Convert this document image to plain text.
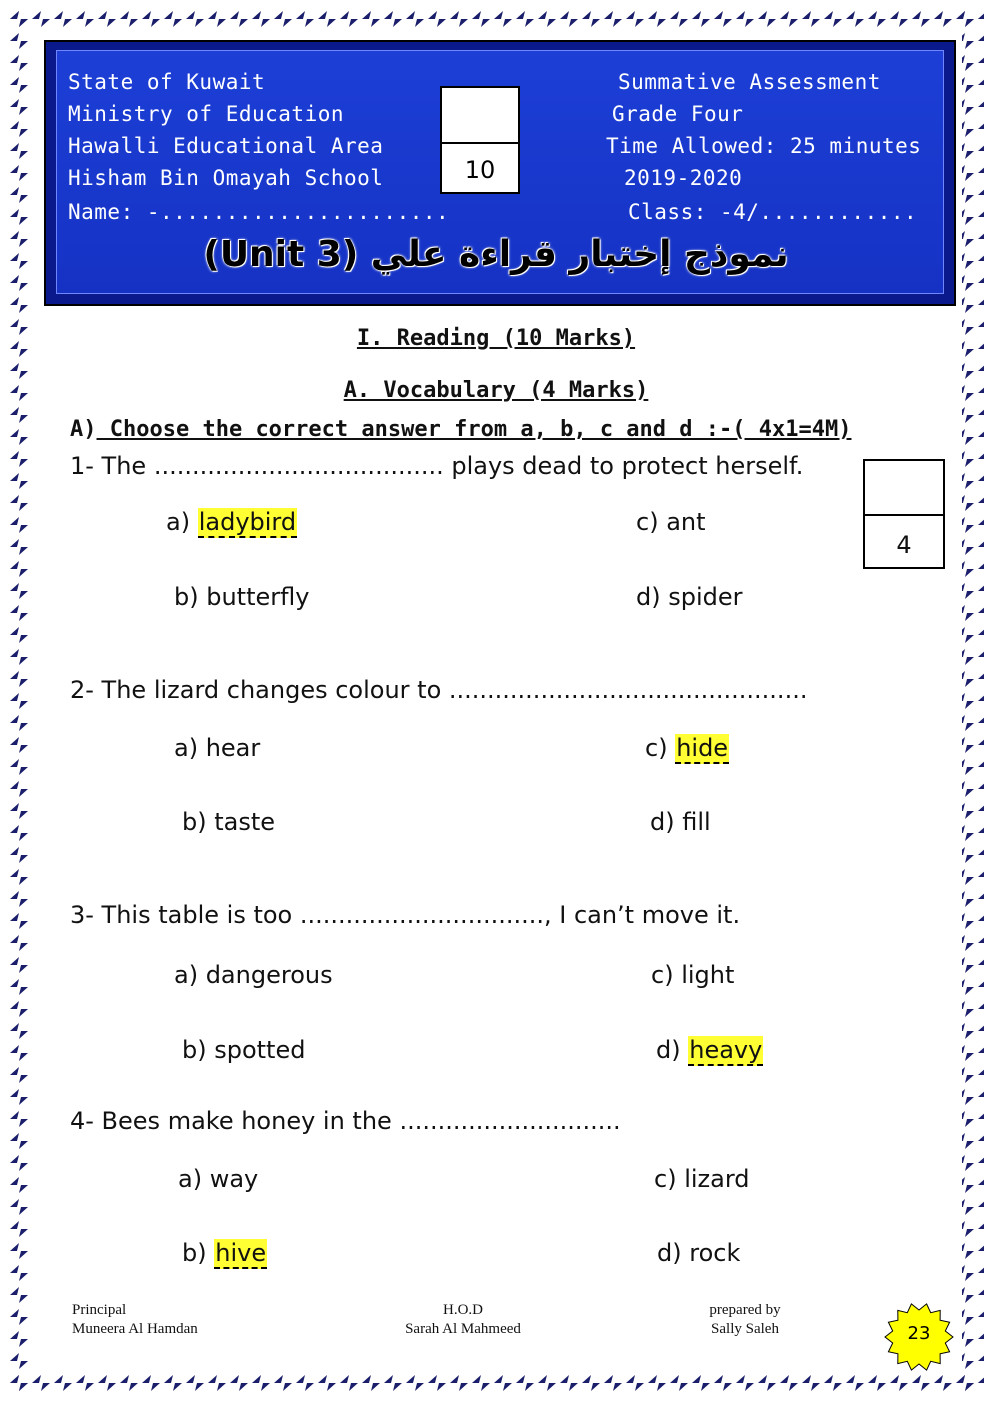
State of Kuwait
Ministry of Education
Hawalli Educational Area
Hisham Bin Omayah School
Name: -......................
Summative Assessment
Grade Four
Time Allowed: 25 minutes
2019-2020
Class: -4/............
10
نموذج إختبار قراءة علي (Unit 3)
I. Reading (10 Marks)
A. Vocabulary (4 Marks)
A) Choose the correct answer from a, b, c and d :-( 4x1=4M)
4
1- The ...................................... plays dead to protect herself.
a) ladybird	c) ant
b) butterfly	d) spider
2- The lizard changes colour to ...............................................
a) hear	c) hide
b) taste	d) fill
3- This table is too ................................, I can’t move it.
a) dangerous	c) light
b) spotted	d) heavy
4- Bees make honey in the .............................
a) way	c) lizard
b) hive	d) rock
Principal
Muneera Al Hamdan
H.O.D
Sarah Al Mahmeed
prepared by
Sally Saleh	23
